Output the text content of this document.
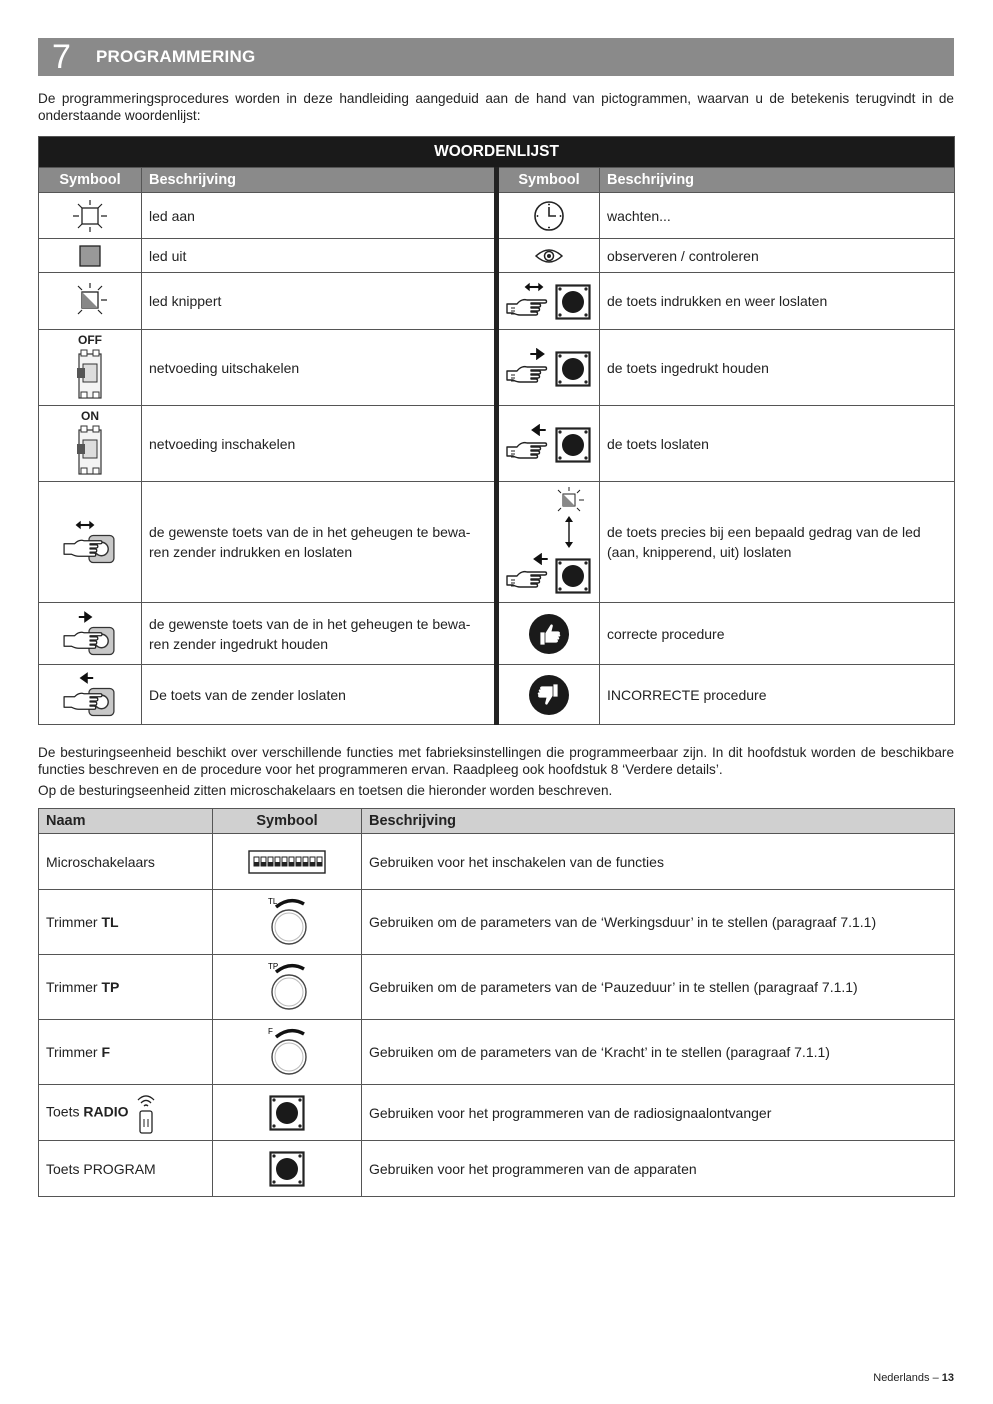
7 PROGRAMMERING
De programmeringsprocedures worden in deze handleiding aangeduid aan de hand van pictogrammen, waarvan u de betekenis terugvindt in de onderstaande woordenlijst:
WOORDENLIJST			
Symbool	Beschrijving	Symbool	Beschrijving
	led aan		wachten...
	led uit		observeren / controleren
	led knippert		de toets indrukken en weer loslaten

OFF	netvoeding uitschakelen		de toets ingedrukt houden

ON	netvoeding inschakelen		de toets loslaten
	de gewenste toets van de in het geheugen te bewa-ren zender indrukken en loslaten		de toets precies bij een bepaald gedrag van de led (aan, knipperend, uit) loslaten
	de gewenste toets van de in het geheugen te bewa-ren zender ingedrukt houden		correcte procedure
	De toets van de zender loslaten		INCORRECTE procedure
De besturingseenheid beschikt over verschillende functies met fabrieksinstellingen die programmeerbaar zijn. In dit hoofdstuk worden de beschikbare functies beschreven en de procedure voor het programmeren ervan. Raadpleeg ook hoofdstuk 8 ‘Verdere details’.
Op de besturingseenheid zitten microschakelaars en toetsen die hieronder worden beschreven.
Naam	Symbool	Beschrijving
Microschakelaars		Gebruiken voor het inschakelen van de functies
Trimmer TL	TL	Gebruiken om de parameters van de ‘Werkingsduur’ in te stellen (paragraaf 7.1.1)
Trimmer TP	TP	Gebruiken om de parameters van de ‘Pauzeduur’ in te stellen (paragraaf 7.1.1)
Trimmer F	F	Gebruiken om de parameters van de ‘Kracht’ in te stellen (paragraaf 7.1.1)
Toets RADIO		Gebruiken voor het programmeren van de radiosignaalontvanger
Toets PROGRAM		Gebruiken voor het programmeren van de apparaten
Nederlands – 13
